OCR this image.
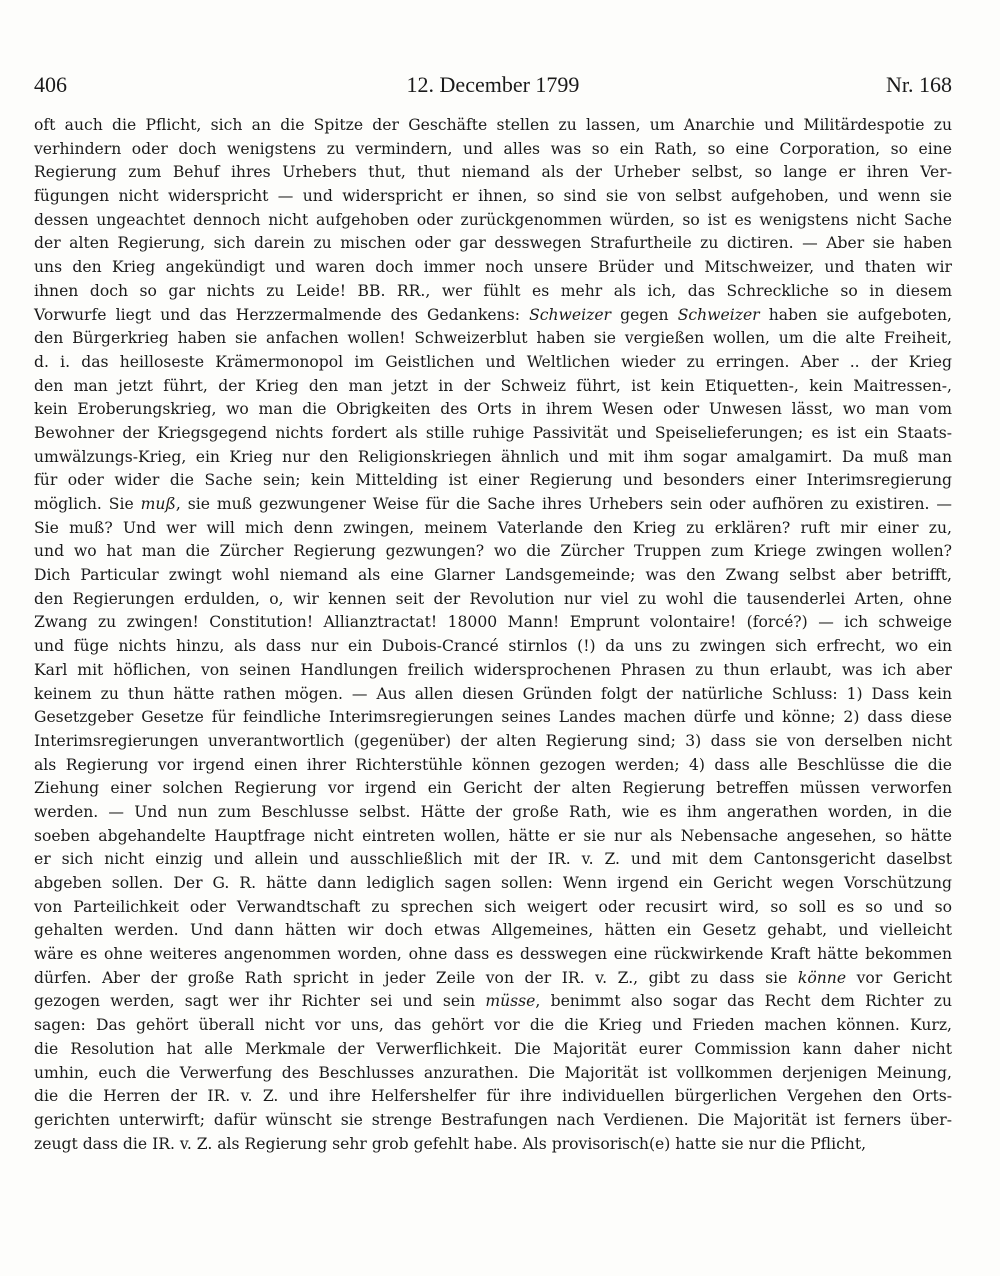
406	12. December 1799	Nr. 168
oft auch die Pflicht, sich an die Spitze der Geschäfte stellen zu lassen, um Anarchie und Militärdespotie zu
verhindern oder doch wenigstens zu vermindern, und alles was so ein Rath, so eine Corporation, so eine
Regierung zum Behuf ihres Urhebers thut, thut niemand als der Urheber selbst, so lange er ihren Ver-
fügungen nicht widerspricht — und widerspricht er ihnen, so sind sie von selbst aufgehoben, und wenn sie
dessen ungeachtet dennoch nicht aufgehoben oder zurückgenommen würden, so ist es wenigstens nicht Sache
der alten Regierung, sich darein zu mischen oder gar desswegen Strafurtheile zu dictiren. — Aber sie haben
uns den Krieg angekündigt und waren doch immer noch unsere Brüder und Mitschweizer, und thaten wir
ihnen doch so gar nichts zu Leide! BB. RR., wer fühlt es mehr als ich, das Schreckliche so in diesem
Vorwurfe liegt und das Herzzermalmende des Gedankens: Schweizer gegen Schweizer haben sie aufgeboten,
den Bürgerkrieg haben sie anfachen wollen! Schweizerblut haben sie vergießen wollen, um die alte Freiheit,
d. i. das heilloseste Krämermonopol im Geistlichen und Weltlichen wieder zu erringen. Aber .. der Krieg
den man jetzt führt, der Krieg den man jetzt in der Schweiz führt, ist kein Etiquetten-, kein Maitressen-,
kein Eroberungskrieg, wo man die Obrigkeiten des Orts in ihrem Wesen oder Unwesen lässt, wo man vom
Bewohner der Kriegsgegend nichts fordert als stille ruhige Passivität und Speiselieferungen; es ist ein Staats-
umwälzungs-Krieg, ein Krieg nur den Religionskriegen ähnlich und mit ihm sogar amalgamirt. Da muß man
für oder wider die Sache sein; kein Mittelding ist einer Regierung und besonders einer Interimsregierung
möglich. Sie muß, sie muß gezwungener Weise für die Sache ihres Urhebers sein oder aufhören zu existiren. —
Sie muß? Und wer will mich denn zwingen, meinem Vaterlande den Krieg zu erklären? ruft mir einer zu,
und wo hat man die Zürcher Regierung gezwungen? wo die Zürcher Truppen zum Kriege zwingen wollen?
Dich Particular zwingt wohl niemand als eine Glarner Landsgemeinde; was den Zwang selbst aber betrifft,
den Regierungen erdulden, o, wir kennen seit der Revolution nur viel zu wohl die tausenderlei Arten, ohne
Zwang zu zwingen! Constitution! Allianztractat! 18000 Mann! Emprunt volontaire! (forcé?) — ich schweige
und füge nichts hinzu, als dass nur ein Dubois-Crancé stirnlos (!) da uns zu zwingen sich erfrecht, wo ein
Karl mit höflichen, von seinen Handlungen freilich widersprochenen Phrasen zu thun erlaubt, was ich aber
keinem zu thun hätte rathen mögen. — Aus allen diesen Gründen folgt der natürliche Schluss: 1) Dass kein
Gesetzgeber Gesetze für feindliche Interimsregierungen seines Landes machen dürfe und könne; 2) dass diese
Interimsregierungen unverantwortlich (gegenüber) der alten Regierung sind; 3) dass sie von derselben nicht
als Regierung vor irgend einen ihrer Richterstühle können gezogen werden; 4) dass alle Beschlüsse die die
Ziehung einer solchen Regierung vor irgend ein Gericht der alten Regierung betreffen müssen verworfen
werden. — Und nun zum Beschlusse selbst. Hätte der große Rath, wie es ihm angerathen worden, in die
soeben abgehandelte Hauptfrage nicht eintreten wollen, hätte er sie nur als Nebensache angesehen, so hätte
er sich nicht einzig und allein und ausschließlich mit der IR. v. Z. und mit dem Cantonsgericht daselbst
abgeben sollen. Der G. R. hätte dann lediglich sagen sollen: Wenn irgend ein Gericht wegen Vorschützung
von Parteilichkeit oder Verwandtschaft zu sprechen sich weigert oder recusirt wird, so soll es so und so
gehalten werden. Und dann hätten wir doch etwas Allgemeines, hätten ein Gesetz gehabt, und vielleicht
wäre es ohne weiteres angenommen worden, ohne dass es desswegen eine rückwirkende Kraft hätte bekommen
dürfen. Aber der große Rath spricht in jeder Zeile von der IR. v. Z., gibt zu dass sie könne vor Gericht
gezogen werden, sagt wer ihr Richter sei und sein müsse, benimmt also sogar das Recht dem Richter zu
sagen: Das gehört überall nicht vor uns, das gehört vor die die Krieg und Frieden machen können. Kurz,
die Resolution hat alle Merkmale der Verwerflichkeit. Die Majorität eurer Commission kann daher nicht
umhin, euch die Verwerfung des Beschlusses anzurathen. Die Majorität ist vollkommen derjenigen Meinung,
die die Herren der IR. v. Z. und ihre Helfershelfer für ihre individuellen bürgerlichen Vergehen den Orts-
gerichten unterwirft; dafür wünscht sie strenge Bestrafungen nach Verdienen. Die Majorität ist ferners über-
zeugt dass die IR. v. Z. als Regierung sehr grob gefehlt habe. Als provisorisch(e) hatte sie nur die Pflicht,
